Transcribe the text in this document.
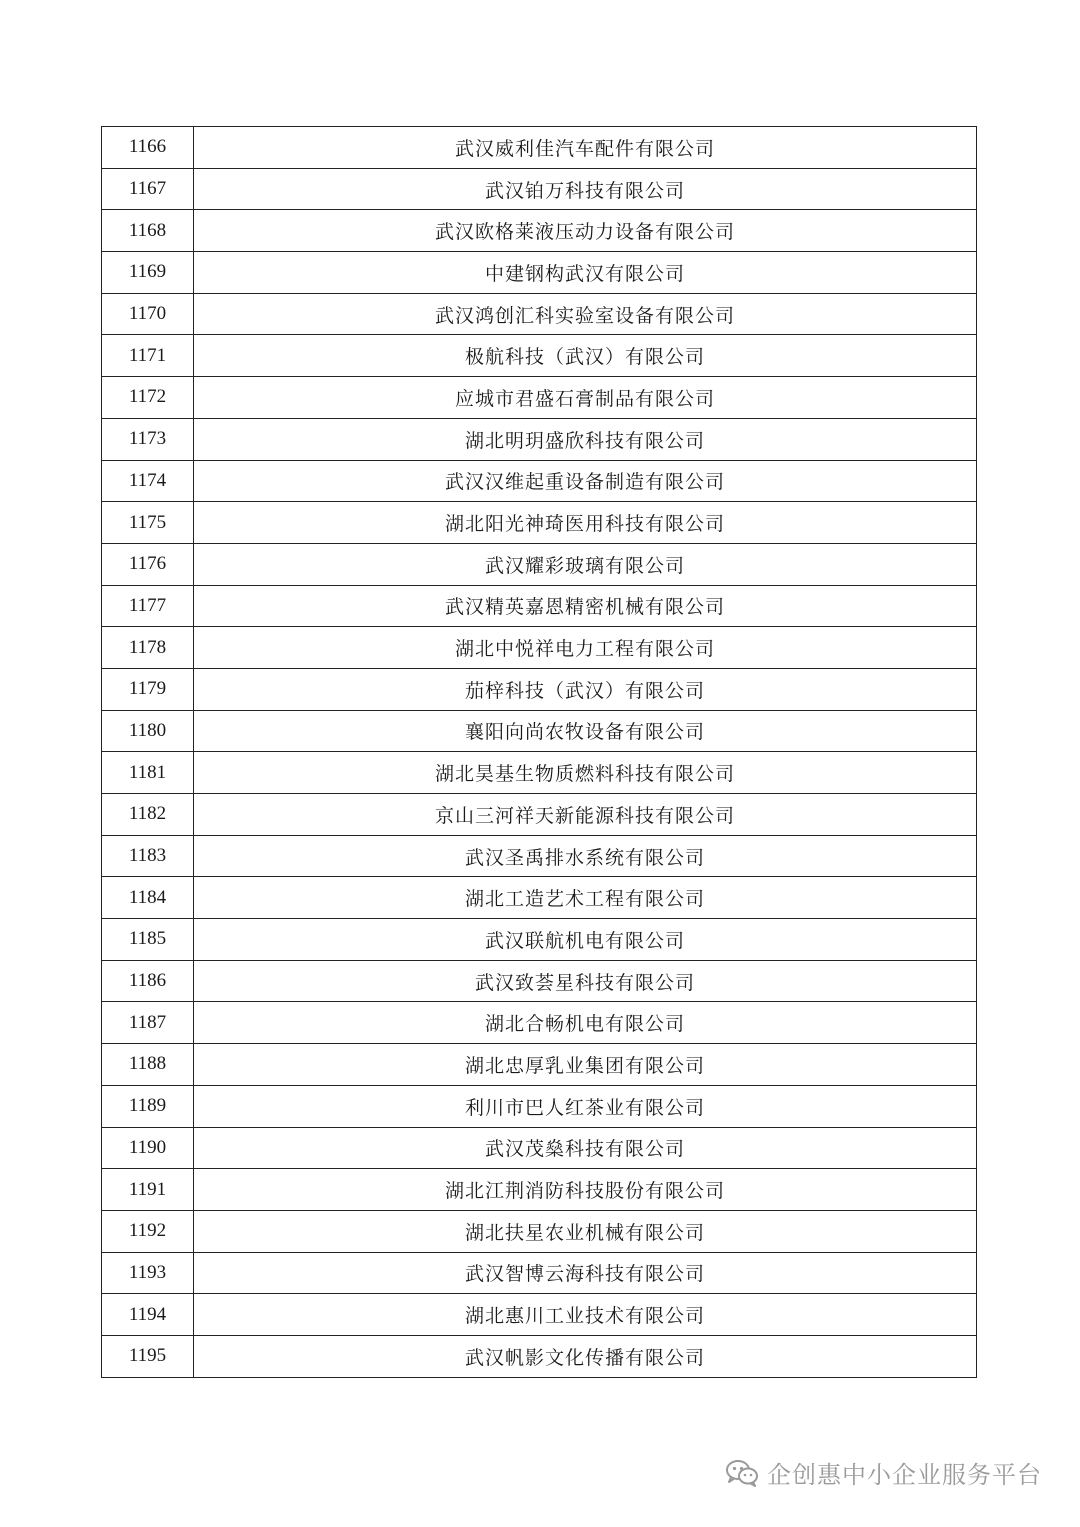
1166	武汉威利佳汽车配件有限公司
1167	武汉铂万科技有限公司
1168	武汉欧格莱液压动力设备有限公司
1169	中建钢构武汉有限公司
1170	武汉鸿创汇科实验室设备有限公司
1171	极航科技（武汉）有限公司
1172	应城市君盛石膏制品有限公司
1173	湖北明玥盛欣科技有限公司
1174	武汉汉维起重设备制造有限公司
1175	湖北阳光神琦医用科技有限公司
1176	武汉耀彩玻璃有限公司
1177	武汉精英嘉恩精密机械有限公司
1178	湖北中悦祥电力工程有限公司
1179	茄梓科技（武汉）有限公司
1180	襄阳向尚农牧设备有限公司
1181	湖北昊基生物质燃料科技有限公司
1182	京山三河祥天新能源科技有限公司
1183	武汉圣禹排水系统有限公司
1184	湖北工造艺术工程有限公司
1185	武汉联航机电有限公司
1186	武汉致荟星科技有限公司
1187	湖北合畅机电有限公司
1188	湖北忠厚乳业集团有限公司
1189	利川市巴人红茶业有限公司
1190	武汉茂燊科技有限公司
1191	湖北江荆消防科技股份有限公司
1192	湖北扶星农业机械有限公司
1193	武汉智博云海科技有限公司
1194	湖北惠川工业技术有限公司
1195	武汉帆影文化传播有限公司
企创惠中小企业服务平台
